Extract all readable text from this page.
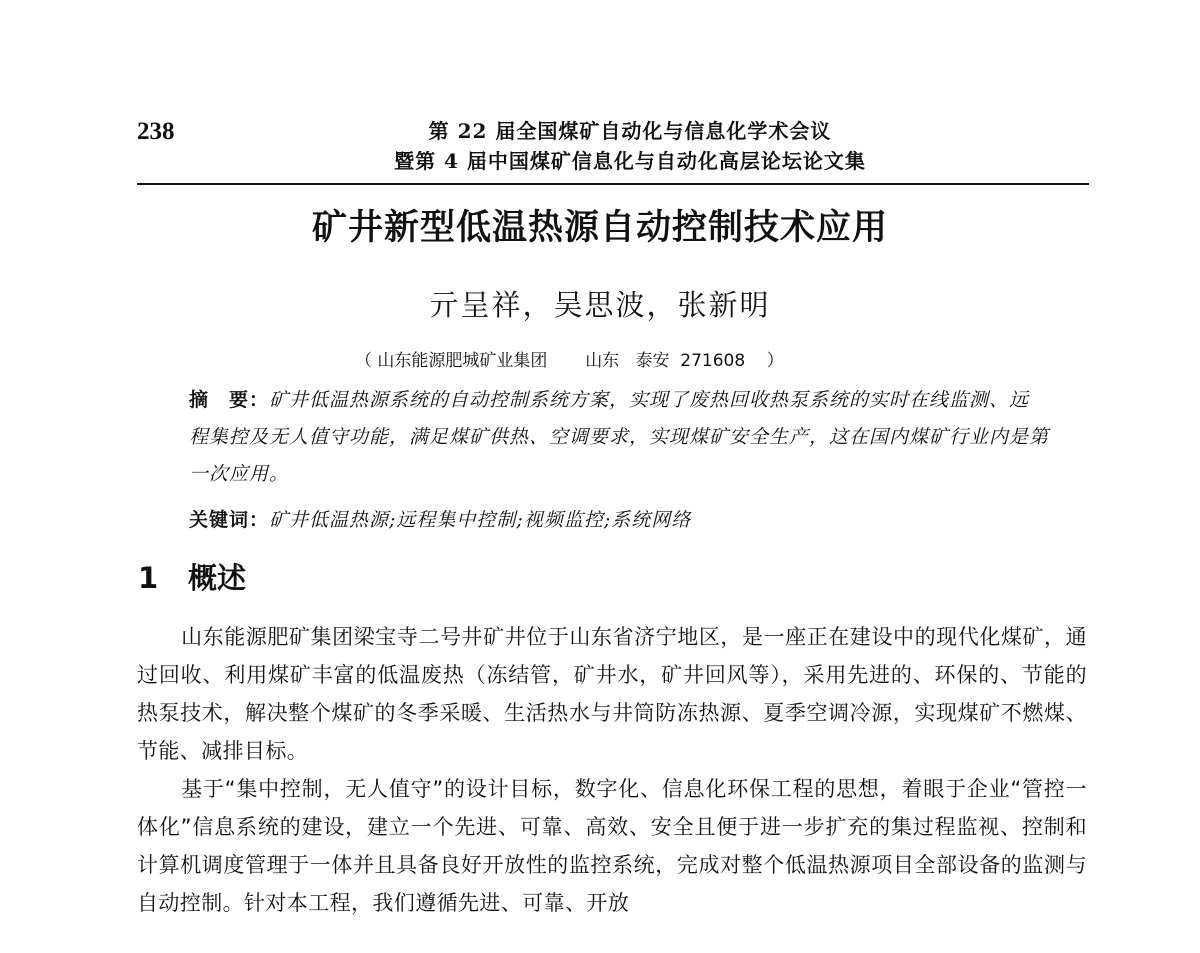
238	第 22 届全国煤矿自动化与信息化学术会议
暨第 4 届中国煤矿信息化与自动化高层论坛论文集
矿井新型低温热源自动控制技术应用
亓呈祥，吴思波，张新明
（ 山东能源肥城矿业集团       山东   泰安  271608    ）
摘　要：矿井低温热源系统的自动控制系统方案，实现了废热回收热泵系统的实时在线监测、远程集控及无人值守功能，满足煤矿供热、空调要求，实现煤矿安全生产，这在国内煤矿行业内是第一次应用。
关键词：矿井低温热源;远程集中控制;视频监控;系统网络
1 概述

山东能源肥矿集团梁宝寺二号井矿井位于山东省济宁地区，是一座正在建设中的现代化煤矿，通过回收、利用煤矿丰富的低温废热（冻结管，矿井水，矿井回风等），采用先进的、环保的、节能的热泵技术，解决整个煤矿的冬季采暖、生活热水与井筒防冻热源、夏季空调冷源，实现煤矿不燃煤、节能、减排目标。

基于“集中控制，无人值守”的设计目标，数字化、信息化环保工程的思想，着眼于企业“管控一体化”信息系统的建设，建立一个先进、可靠、高效、安全且便于进一步扩充的集过程监视、控制和计算机调度管理于一体并且具备良好开放性的监控系统，完成对整个低温热源项目全部设备的监测与自动控制。针对本工程，我们遵循先进、可靠、开放
